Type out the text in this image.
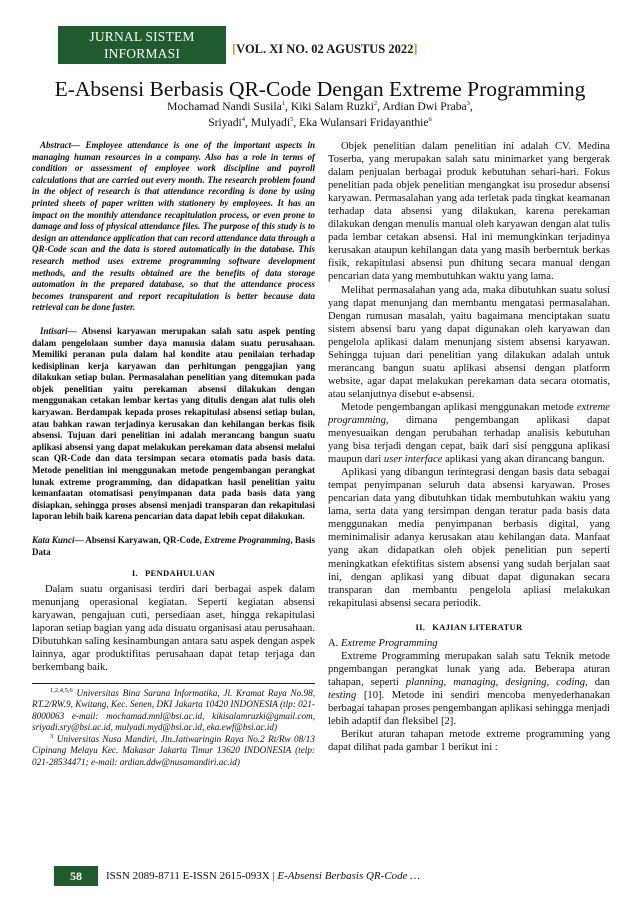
JURNAL SISTEM INFORMASI
STMIK ANTAR BANGSA
[VOL. XI NO. 02 AGUSTUS 2022]
E-Absensi Berbasis QR-Code Dengan Extreme Programming
Mochamad Nandi Susila$^1$, Kiki Salam Ruzki$^2$, Ardian Dwi Praba$^3$,
Sriyadi$^4$, Mulyadi$^5$, Eka Wulansari Fridayanthie$^6$

Abstract— Employee attendance is one of the important aspects in managing human resources in a company. Also has a role in terms of condition or assessment of employee work discipline and payroll calculations that are carried out every month. The research problem found in the object of research is that attendance recording is done by using printed sheets of paper written with stationery by employees. It has an impact on the monthly attendance recapitulation process, or even prone to damage and loss of physical attendance files. The purpose of this study is to design an attendance application that can record attendance data through a QR-Code scan and the data is stored automatically in the database. This research method uses extreme programming software development methods, and the results obtained are the benefits of data storage automation in the prepared database, so that the attendance process becomes transparent and report recapitulation is better because data retrieval can be done faster.

Intisari— Absensi karyawan merupakan salah satu aspek penting dalam pengelolaan sumber daya manusia dalam suatu perusahaan. Memiliki peranan pula dalam hal kondite atau penilaian terhadap kedisiplinan kerja karyawan dan perhitungan penggajian yang dilakukan setiap bulan. Permasalahan penelitian yang ditemukan pada objek penelitian yaitu perekaman absensi dilakukan dengan menggunakan cetakan lembar kertas yang ditulis dengan alat tulis oleh karyawan. Berdampak kepada proses rekapitulasi absensi setiap bulan, atau bahkan rawan terjadinya kerusakan dan kehilangan berkas fisik absensi. Tujuan dari penelitian ini adalah merancang bangun suatu aplikasi absensi yang dapat melakukan perekaman data absensi melalui scan QR-Code dan data tersimpan secara otomatis pada basis data. Metode penelitian ini menggunakan metode pengembangan perangkat lunak extreme programming, dan didapatkan hasil penelitian yaitu kemanfaatan otomatisasi penyimpanan data pada basis data yang disiapkan, sehingga proses absensi menjadi transparan dan rekapitulasi laporan lebih baik karena pencarian data dapat lebih cepat dilakukan.

Kata Kunci— Absensi Karyawan, QR-Code, Extreme Programming, Basis Data

I. PENDAHULUAN

Dalam suatu organisasi terdiri dari berbagai aspek dalam menunjang operasional kegiatan. Seperti kegiatan absensi karyawan, pengajuan cuti, persediaan aset, hingga rekapitulasi laporan setiap bagian yang ada disuatu organisasi atau perusahaan. Dibutuhkan saling kesinambungan antara satu aspek dengan aspek lainnya, agar produktifitas perusahaan dapat tetap terjaga dan berkembang baik.

$^{1,2,4,5,6}$ Universitas Bina Sarana Informatika, Jl. Kramat Raya No.98, RT.2/RW.9, Kwitang, Kec. Senen, DKI Jakarta 10420 INDONESIA (tlp: 021-8000063 e-mail: mochamad.mnl@bsi.ac.id, kikisalamruzki@gmail.com, sriyadi.sry@bsi.ac.id, mulyadi.myd@bsi.ac.id, eka.ewf@bsi.ac.id)

$^3$ Universitas Nusa Mandiri, Jln.Jatiwaringin Raya No.2 Rt/Rw 08/13 Cipinang Melayu Kec. Makasar Jakarta Timur 13620 INDONESIA (telp: 021-28534471; e-mail: ardian.ddw@nusamandiri.ac.id)

Objek penelitian dalam penelitian ini adalah CV. Medina Toserba, yang merupakan salah satu minimarket yang bergerak dalam penjualan berbagai produk kebutuhan sehari-hari. Fokus penelitian pada objek penelitian mengangkat isu prosedur absensi karyawan. Permasalahan yang ada terletak pada tingkat keamanan terhadap data absensi yang dilakukan, karena perekaman dilakukan dengan menulis manual oleh karyawan dengan alat tulis pada lembar cetakan absensi. Hal ini memungkinkan terjadinya kerusakan ataupun kehilangan data yang masih berberntuk berkas fisik, rekapitulasi absensi pun dhitung secara manual dengan pencarian data yang membutuhkan waktu yang lama.

Melihat permasalahan yang ada, maka dibutuhkan suatu solusi yang dapat menunjang dan membantu mengatasi permasalahan. Dengan rumusan masalah, yaitu bagaimana menciptakan suatu sistem absensi baru yang dapat digunakan oleh karyawan dan pengelola aplikasi dalam menunjang sistem absensi karyawan. Sehingga tujuan dari penelitian yang dilakukan adalah untuk merancang bangun suatu aplikasi absensi dengan platform website, agar dapat melakukan perekaman data secara otomatis, atau selanjutnya disebut e-absensi.

Metode pengembangan aplikasi menggunakan metode extreme programming, dimana pengembangan aplikasi dapat menyesuaikan dengan perubahan terhadap analisis kebutuhan yang bisa terjadi dengan cepat, baik dari sisi pengguna aplikasi maupun dari user interface aplikasi yang akan dirancang bangun.

Aplikasi yang dibangun terintegrasi dengan basis data sebagai tempat penyimpanan seluruh data absensi karyawan. Proses pencarian data yang dibutuhkan tidak membutuhkan waktu yang lama, serta data yang tersimpan dengan teratur pada basis data menggunakan media penyimpanan berbasis digital, yang meminimalisir adanya kerusakan atau kehilangan data. Manfaat yang akan didapatkan oleh objek penelitian pun seperti meningkatkan efektifitas sistem absensi yang sudah berjalan saat ini, dengan aplikasi yang dibuat dapat digunakan secara transparan dan membantu pengelola apliasi melakukan rekapitulasi absensi secara periodik.

II. KAJIAN LITERATUR

A. Extreme Programming

Extreme Programming merupakan salah satu Teknik metode pngembangan perangkat lunak yang ada. Beberapa aturan tahapan, seperti planning, managing, designing, coding, dan testing [10]. Metode ini sendiri mencoba menyederhanakan berbagai tahapan proses pengembangan aplikasi sehingga menjadi lebih adaptif dan fleksibel [2].

Berikut aturan tahapan metode extreme programming yang dapat dilihat pada gambar 1 berikut ini :

58	ISSN 2089-8711 E-ISSN 2615-093X | E-Absensi Berbasis QR-Code …
